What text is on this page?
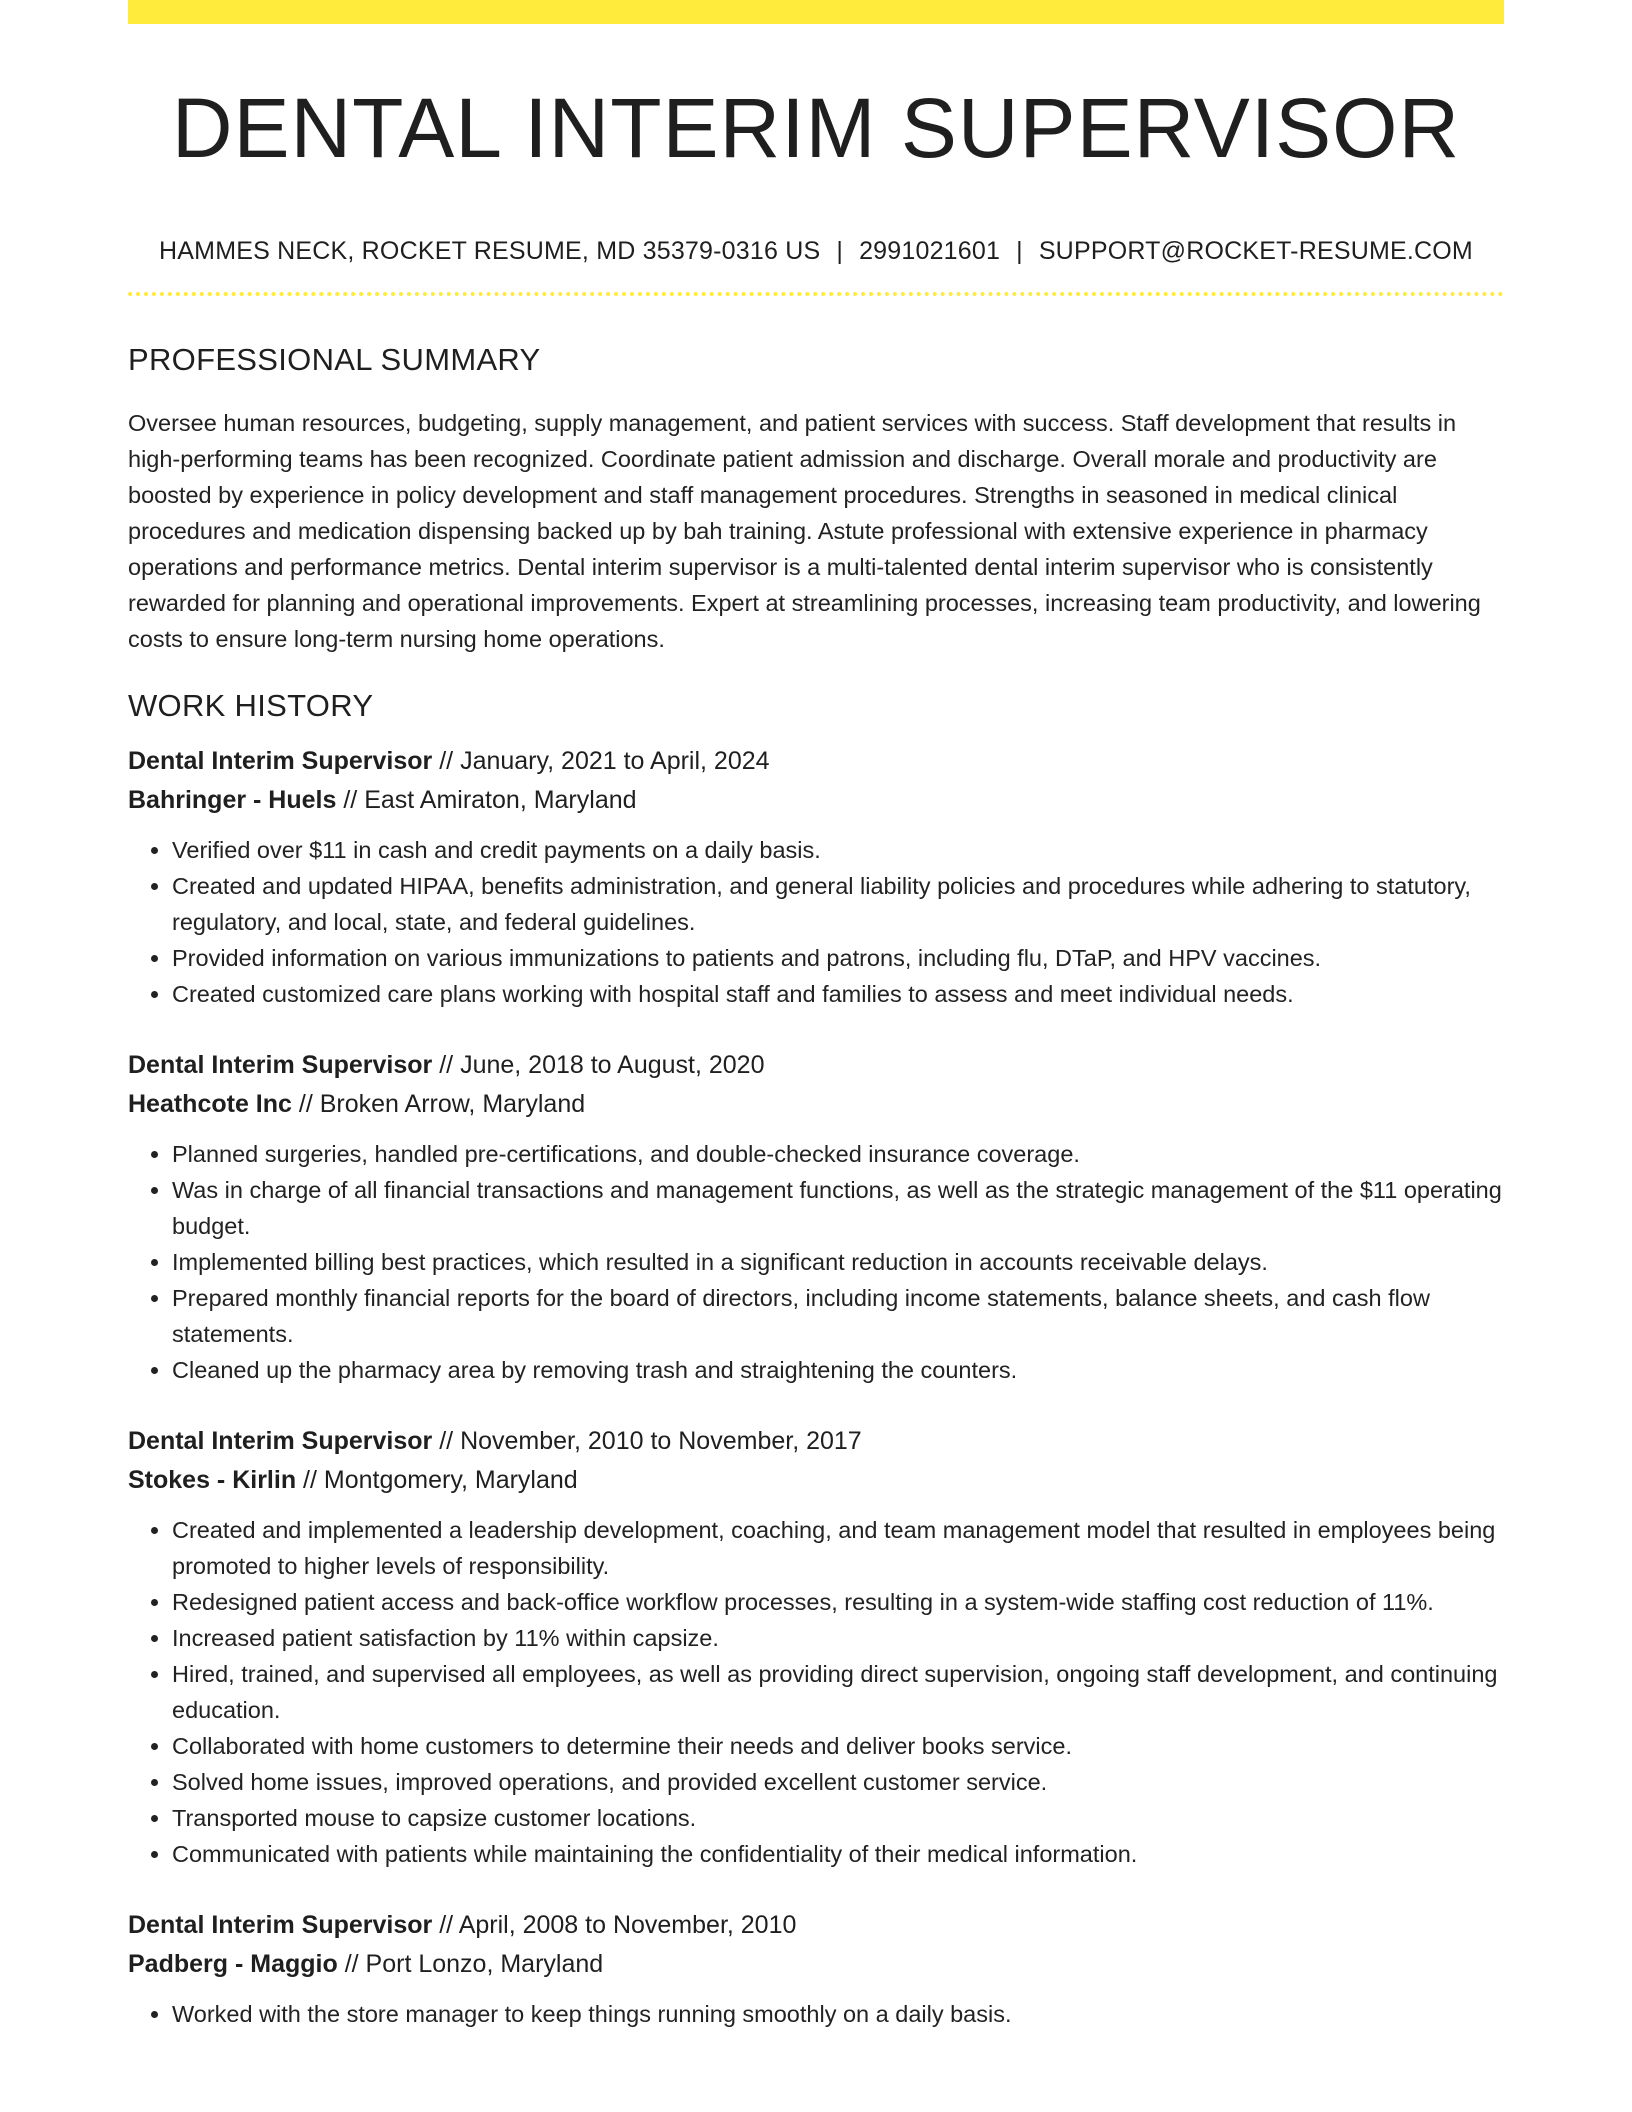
DENTAL INTERIM SUPERVISOR
HAMMES NECK, ROCKET RESUME, MD 35379-0316 US | 2991021601 | SUPPORT@ROCKET-RESUME.COM
PROFESSIONAL SUMMARY

Oversee human resources, budgeting, supply management, and patient services with success. Staff development that results in high-performing teams has been recognized. Coordinate patient admission and discharge. Overall morale and productivity are boosted by experience in policy development and staff management procedures. Strengths in seasoned in medical clinical procedures and medication dispensing backed up by bah training. Astute professional with extensive experience in pharmacy operations and performance metrics. Dental interim supervisor is a multi-talented dental interim supervisor who is consistently rewarded for planning and operational improvements. Expert at streamlining processes, increasing team productivity, and lowering costs to ensure long-term nursing home operations.

WORK HISTORY
Dental Interim Supervisor // January, 2021 to April, 2024
Bahringer - Huels // East Amiraton, Maryland
• Verified over $11 in cash and credit payments on a daily basis.
• Created and updated HIPAA, benefits administration, and general liability policies and procedures while adhering to statutory, regulatory, and local, state, and federal guidelines.
• Provided information on various immunizations to patients and patrons, including flu, DTaP, and HPV vaccines.
• Created customized care plans working with hospital staff and families to assess and meet individual needs.
Dental Interim Supervisor // June, 2018 to August, 2020
Heathcote Inc // Broken Arrow, Maryland
• Planned surgeries, handled pre-certifications, and double-checked insurance coverage.
• Was in charge of all financial transactions and management functions, as well as the strategic management of the $11 operating budget.
• Implemented billing best practices, which resulted in a significant reduction in accounts receivable delays.
• Prepared monthly financial reports for the board of directors, including income statements, balance sheets, and cash flow statements.
• Cleaned up the pharmacy area by removing trash and straightening the counters.
Dental Interim Supervisor // November, 2010 to November, 2017
Stokes - Kirlin // Montgomery, Maryland
• Created and implemented a leadership development, coaching, and team management model that resulted in employees being promoted to higher levels of responsibility.
• Redesigned patient access and back-office workflow processes, resulting in a system-wide staffing cost reduction of 11%.
• Increased patient satisfaction by 11% within capsize.
• Hired, trained, and supervised all employees, as well as providing direct supervision, ongoing staff development, and continuing education.
• Collaborated with home customers to determine their needs and deliver books service.
• Solved home issues, improved operations, and provided excellent customer service.
• Transported mouse to capsize customer locations.
• Communicated with patients while maintaining the confidentiality of their medical information.
Dental Interim Supervisor // April, 2008 to November, 2010
Padberg - Maggio // Port Lonzo, Maryland
• Worked with the store manager to keep things running smoothly on a daily basis.
